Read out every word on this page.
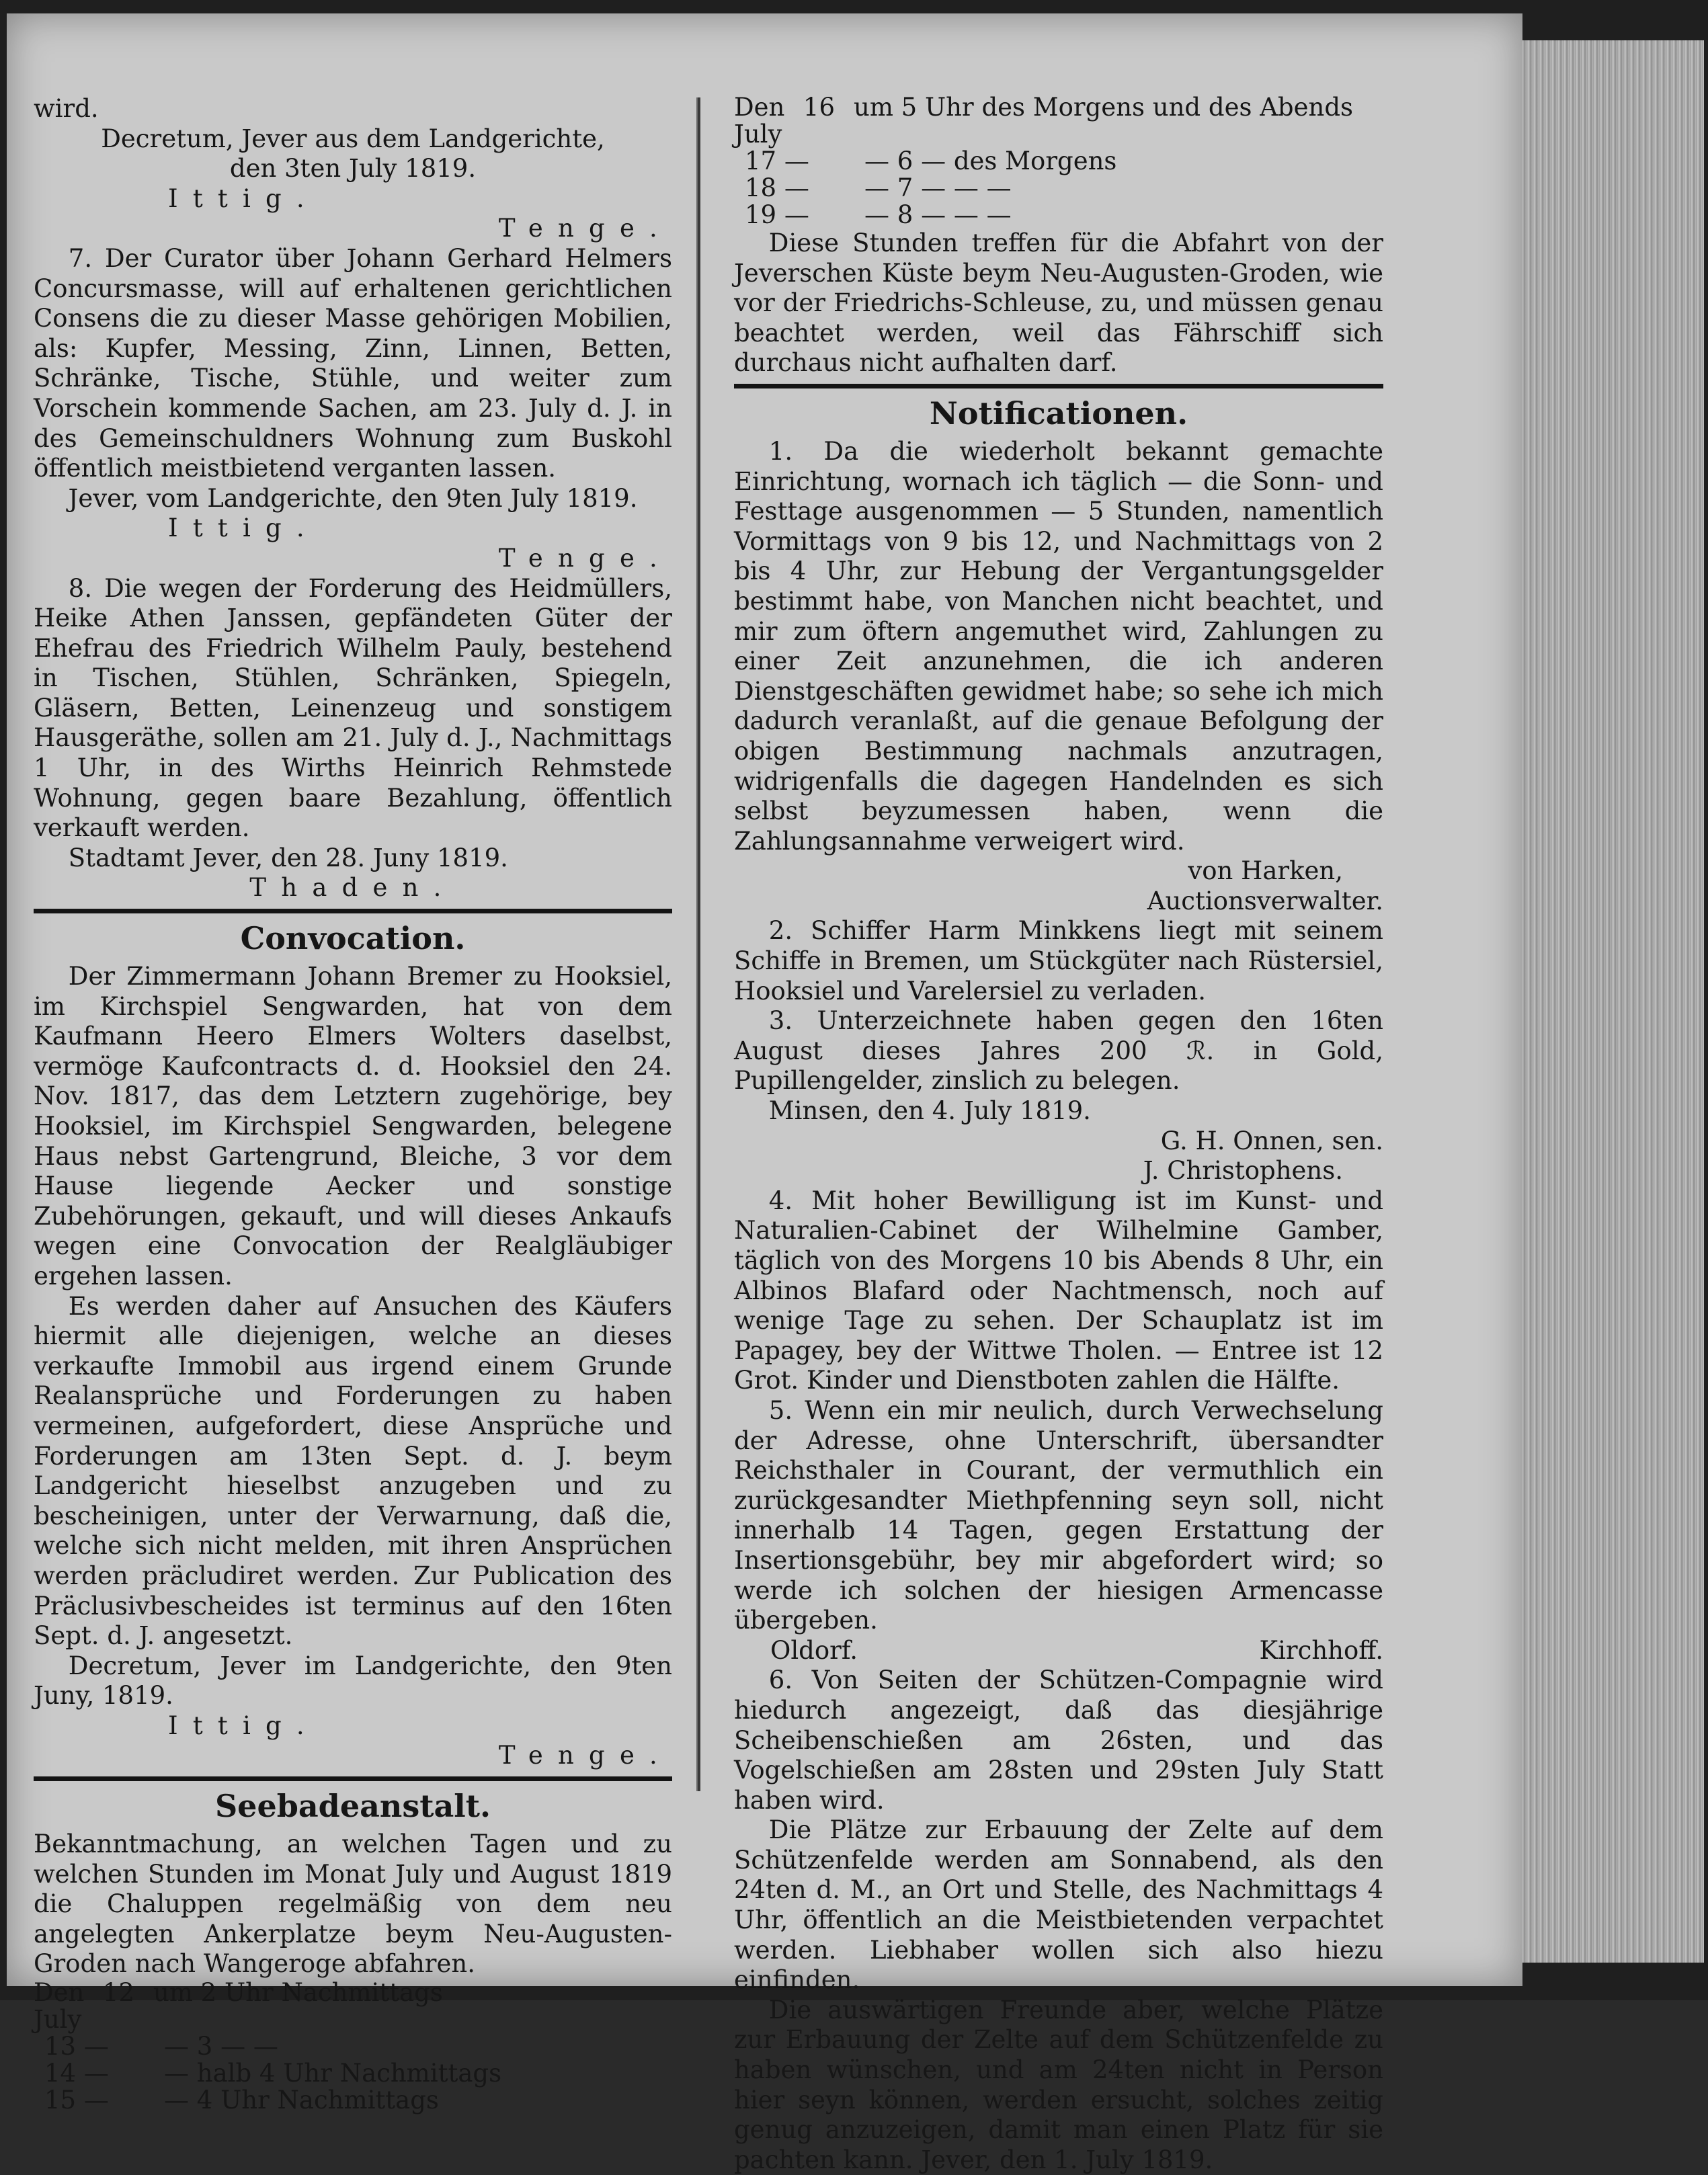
wird.

Decretum, Jever aus dem Landgerichte,

den 3ten July 1819.

Ittig.

Tenge.

7. Der Curator über Johann Gerhard Helmers Concursmasse, will auf erhaltenen gerichtlichen Consens die zu dieser Masse gehörigen Mobilien, als: Kupfer, Messing, Zinn, Linnen, Betten, Schränke, Tische, Stühle, und weiter zum Vorschein kommende Sachen, am 23. July d. J. in des Gemeinschuldners Wohnung zum Buskohl öffentlich meistbietend verganten lassen.

Jever, vom Landgerichte, den 9ten July 1819.

Ittig.

Tenge.

8. Die wegen der Forderung des Heidmüllers, Heike Athen Janssen, gepfändeten Güter der Ehefrau des Friedrich Wilhelm Pauly, bestehend in Tischen, Stühlen, Schränken, Spiegeln, Gläsern, Betten, Leinenzeug und sonstigem Hausgeräthe, sollen am 21. July d. J., Nachmittags 1 Uhr, in des Wirths Heinrich Rehmstede Wohnung, gegen baare Bezahlung, öffentlich verkauft werden.

Stadtamt Jever, den 28. Juny 1819.

Thaden.

Convocation.

Der Zimmermann Johann Bremer zu Hooksiel, im Kirchspiel Sengwarden, hat von dem Kaufmann Heero Elmers Wolters daselbst, vermöge Kaufcontracts d. d. Hooksiel den 24. Nov. 1817, das dem Letztern zugehörige, bey Hooksiel, im Kirchspiel Sengwarden, belegene Haus nebst Gartengrund, Bleiche, 3 vor dem Hause liegende Aecker und sonstige Zubehörungen, gekauft, und will dieses Ankaufs wegen eine Convocation der Realgläubiger ergehen lassen.

Es werden daher auf Ansuchen des Käufers hiermit alle diejenigen, welche an dieses verkaufte Immobil aus irgend einem Grunde Realansprüche und Forderungen zu haben vermeinen, aufgefordert, diese Ansprüche und Forderungen am 13ten Sept. d. J. beym Landgericht hieselbst anzugeben und zu bescheinigen, unter der Verwarnung, daß die, welche sich nicht melden, mit ihren Ansprüchen werden präcludiret werden. Zur Publication des Präclusivbescheides ist terminus auf den 16ten Sept. d. J. angesetzt.

Decretum, Jever im Landgerichte, den 9ten Juny, 1819.

Ittig.

Tenge.

Seebadeanstalt.

Bekanntmachung, an welchen Tagen und zu welchen Stunden im Monat July und August 1819 die Chaluppen regelmäßig von dem neu angelegten Ankerplatze beym Neu-Augusten-Groden nach Wangeroge abfahren.

Den 12 July
um 2 Uhr Nachmittags
13 —	— 3 — —
14 —	— halb 4 Uhr Nachmittags
15 —	— 4 Uhr Nachmittags
Den 16 July
um 5 Uhr des Morgens und des Abends
17 —	— 6 — des Morgens
18 —	— 7 — — —
19 —	— 8 — — —

Diese Stunden treffen für die Abfahrt von der Jeverschen Küste beym Neu-Augusten-Groden, wie vor der Friedrichs-Schleuse, zu, und müssen genau beachtet werden, weil das Fährschiff sich durchaus nicht aufhalten darf.

Notificationen.

1. Da die wiederholt bekannt gemachte Einrichtung, wornach ich täglich — die Sonn- und Festtage ausgenommen — 5 Stunden, namentlich Vormittags von 9 bis 12, und Nachmittags von 2 bis 4 Uhr, zur Hebung der Vergantungsgelder bestimmt habe, von Manchen nicht beachtet, und mir zum öftern angemuthet wird, Zahlungen zu einer Zeit anzunehmen, die ich anderen Dienstgeschäften gewidmet habe; so sehe ich mich dadurch veranlaßt, auf die genaue Befolgung der obigen Bestimmung nachmals anzutragen, widrigenfalls die dagegen Handelnden es sich selbst beyzumessen haben, wenn die Zahlungsannahme verweigert wird.

von Harken,

Auctionsverwalter.

2. Schiffer Harm Minkkens liegt mit seinem Schiffe in Bremen, um Stückgüter nach Rüstersiel, Hooksiel und Varelersiel zu verladen.

3. Unterzeichnete haben gegen den 16ten August dieses Jahres 200 ℛ. in Gold, Pupillengelder, zinslich zu belegen.

Minsen, den 4. July 1819.

G. H. Onnen, sen.

J. Christophens.

4. Mit hoher Bewilligung ist im Kunst- und Naturalien-Cabinet der Wilhelmine Gamber, täglich von des Morgens 10 bis Abends 8 Uhr, ein Albinos Blafard oder Nachtmensch, noch auf wenige Tage zu sehen. Der Schauplatz ist im Papagey, bey der Wittwe Tholen. — Entree ist 12 Grot. Kinder und Dienstboten zahlen die Hälfte.

5. Wenn ein mir neulich, durch Verwechselung der Adresse, ohne Unterschrift, übersandter Reichsthaler in Courant, der vermuthlich ein zurückgesandter Miethpfenning seyn soll, nicht innerhalb 14 Tagen, gegen Erstattung der Insertionsgebühr, bey mir abgefordert wird; so werde ich solchen der hiesigen Armencasse übergeben.

Oldorf.	Kirchhoff.

6. Von Seiten der Schützen-Compagnie wird hiedurch angezeigt, daß das diesjährige Scheibenschießen am 26sten, und das Vogelschießen am 28sten und 29sten July Statt haben wird.

Die Plätze zur Erbauung der Zelte auf dem Schützenfelde werden am Sonnabend, als den 24ten d. M., an Ort und Stelle, des Nachmittags 4 Uhr, öffentlich an die Meistbietenden verpachtet werden. Liebhaber wollen sich also hiezu einfinden.

Die auswärtigen Freunde aber, welche Plätze zur Erbauung der Zelte auf dem Schützenfelde zu haben wünschen, und am 24ten nicht in Person hier seyn können, werden ersucht, solches zeitig genug anzuzeigen, damit man einen Platz für sie pachten kann. Jever, den 1. July 1819.
